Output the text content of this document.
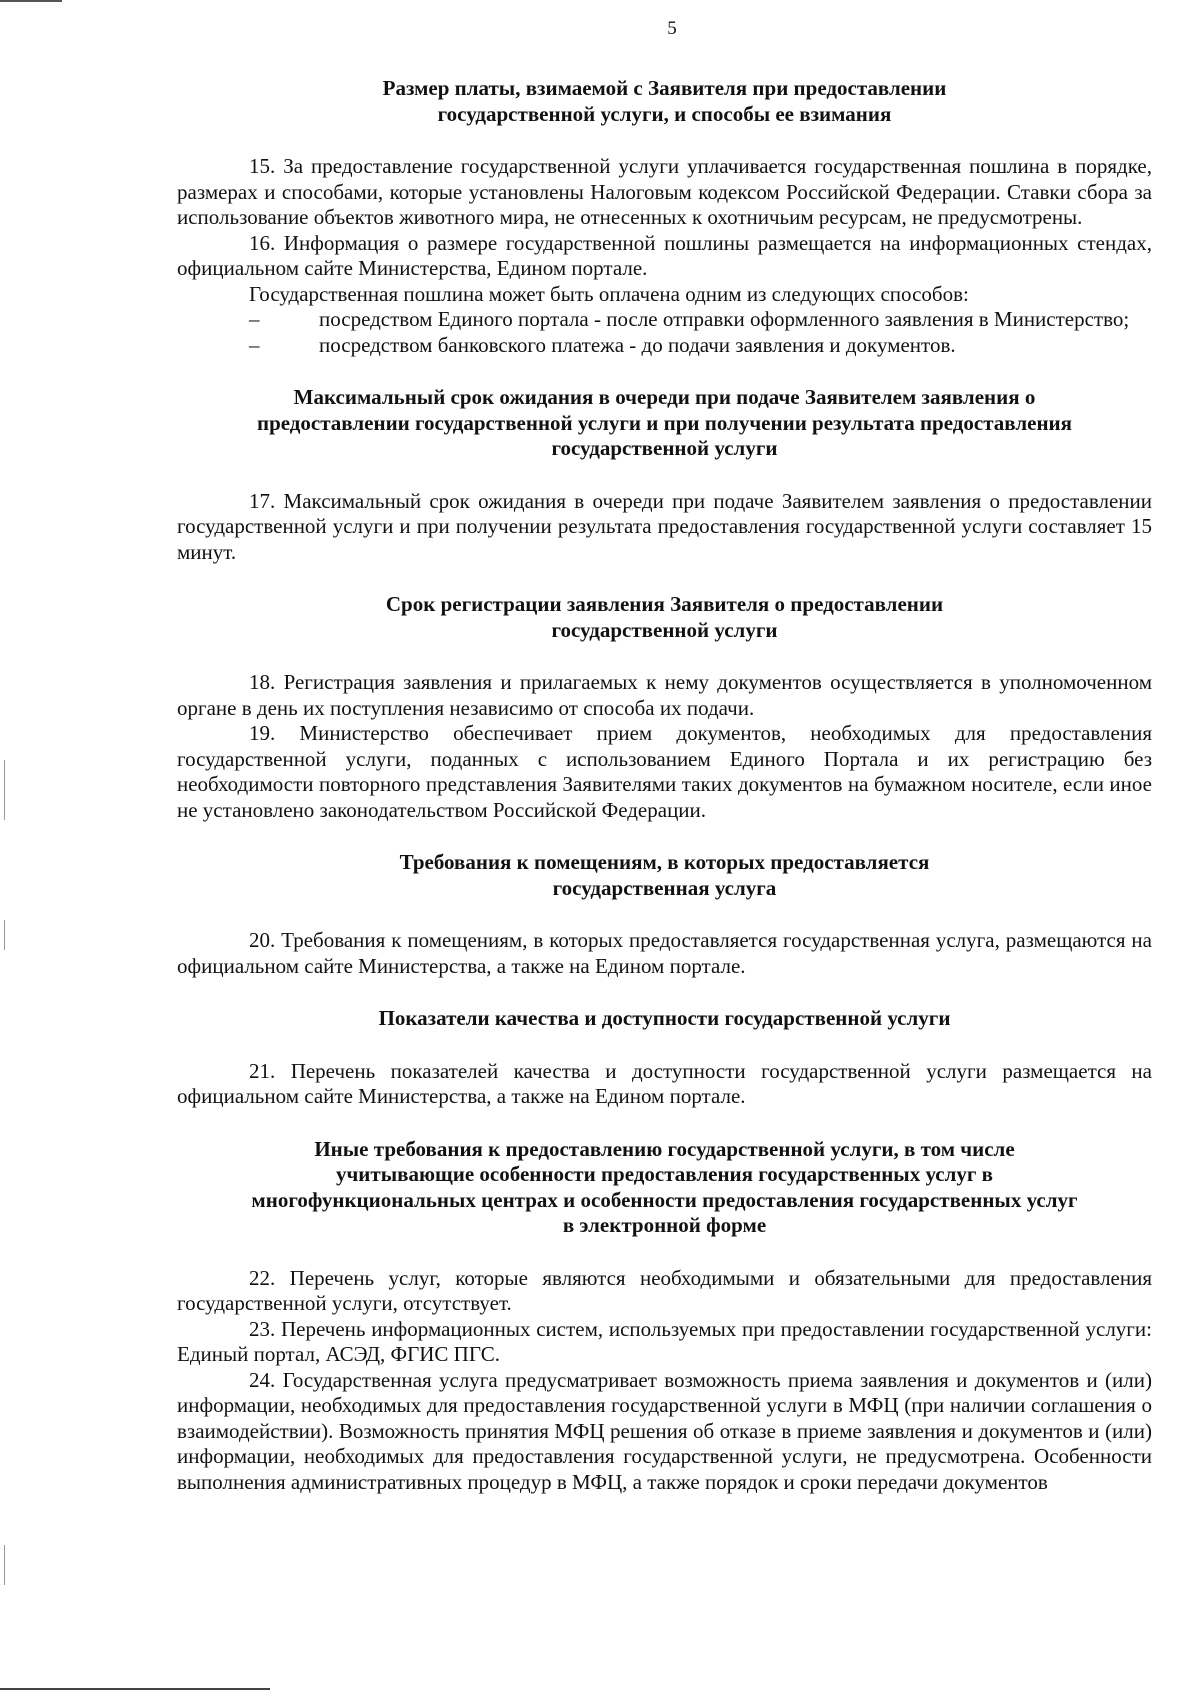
5

Размер платы, взимаемой с Заявителя при предоставлении
государственной услуги, и способы ее взимания

15. За предоставление государственной услуги уплачивается государственная пошлина в порядке, размерах и способами, которые установлены Налоговым кодексом Российской Федерации. Ставки сбора за использование объектов животного мира, не отнесенных к охотничьим ресурсам, не предусмотрены.

16. Информация о размере государственной пошлины размещается на информационных стендах, официальном сайте Министерства, Едином портале.

Государственная пошлина может быть оплачена одним из следующих способов:

–	посредством Единого портала - после отправки оформленного заявления в Министерство;

–	посредством банковского платежа - до подачи заявления и документов.

Максимальный срок ожидания в очереди при подаче Заявителем заявления о
предоставлении государственной услуги и при получении результата предоставления
государственной услуги

17. Максимальный срок ожидания в очереди при подаче Заявителем заявления о предоставлении государственной услуги и при получении результата предоставления государственной услуги составляет 15 минут.

Срок регистрации заявления Заявителя о предоставлении
государственной услуги

18. Регистрация заявления и прилагаемых к нему документов осуществляется в уполномоченном органе в день их поступления независимо от способа их подачи.

19. Министерство обеспечивает прием документов, необходимых для предоставления государственной услуги, поданных с использованием Единого Портала и их регистрацию без необходимости повторного представления Заявителями таких документов на бумажном носителе, если иное не установлено законодательством Российской Федерации.

Требования к помещениям, в которых предоставляется
государственная услуга

20. Требования к помещениям, в которых предоставляется государственная услуга, размещаются на официальном сайте Министерства, а также на Едином портале.

Показатели качества и доступности государственной услуги

21. Перечень показателей качества и доступности государственной услуги размещается на официальном сайте Министерства, а также на Едином портале.

Иные требования к предоставлению государственной услуги, в том числе
учитывающие особенности предоставления государственных услуг в
многофункциональных центрах и особенности предоставления государственных услуг
в электронной форме

22. Перечень услуг, которые являются необходимыми и обязательными для предоставления государственной услуги, отсутствует.

23. Перечень информационных систем, используемых при предоставлении государственной услуги: Единый портал, АСЭД, ФГИС ПГС.

24. Государственная услуга предусматривает возможность приема заявления и документов и (или) информации, необходимых для предоставления государственной услуги в МФЦ (при наличии соглашения о взаимодействии). Возможность принятия МФЦ решения об отказе в приеме заявления и документов и (или) информации, необходимых для предоставления государственной услуги, не предусмотрена. Особенности выполнения административных процедур в МФЦ, а также порядок и сроки передачи документов
